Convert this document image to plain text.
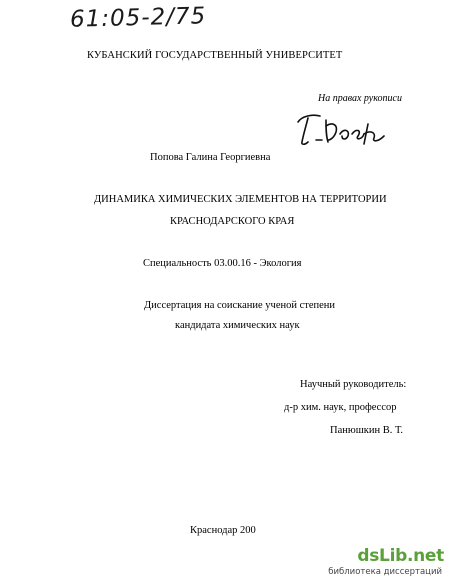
61:05-2/75
КУБАНСКИЙ ГОСУДАРСТВЕННЫЙ УНИВЕРСИТЕТ
На правах рукописи
Попова Галина Георгиевна
ДИНАМИКА ХИМИЧЕСКИХ ЭЛЕМЕНТОВ НА ТЕРРИТОРИИ
КРАСНОДАРСКОГО КРАЯ
Специальность 03.00.16 - Экология
Диссертация на соискание ученой степени
кандидата химических наук
Научный руководитель:
д-р хим. наук, профессор
Панюшкин В. Т.
Краснодар 200
dsLib.net
библиотека диссертаций
